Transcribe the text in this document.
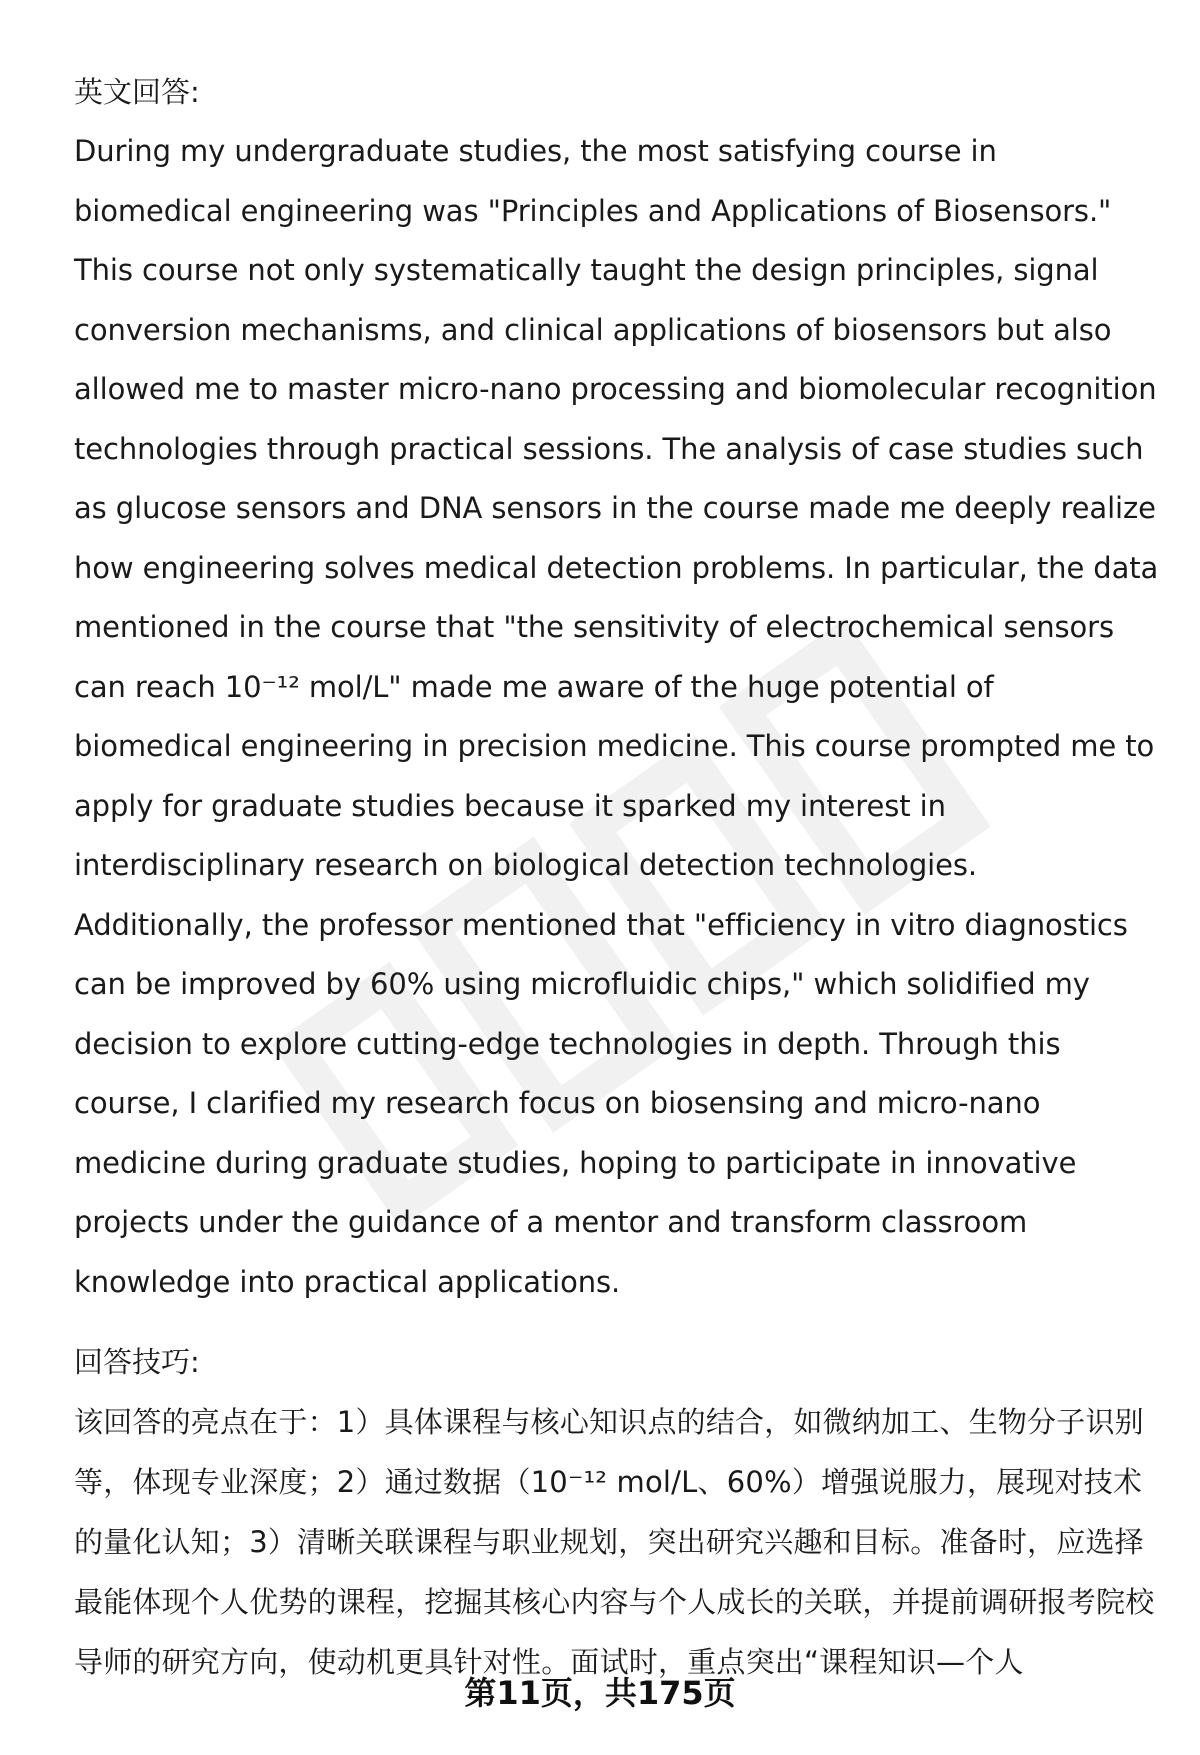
英文回答:

During my undergraduate studies, the most satisfying course in biomedical engineering was "Principles and Applications of Biosensors." This course not only systematically taught the design principles, signal conversion mechanisms, and clinical applications of biosensors but also allowed me to master micro-nano processing and biomolecular recognition technologies through practical sessions. The analysis of case studies such as glucose sensors and DNA sensors in the course made me deeply realize how engineering solves medical detection problems. In particular, the data mentioned in the course that "the sensitivity of electrochemical sensors can reach 10⁻¹² mol/L" made me aware of the huge potential of biomedical engineering in precision medicine. This course prompted me to apply for graduate studies because it sparked my interest in interdisciplinary research on biological detection technologies. Additionally, the professor mentioned that "efficiency in vitro diagnostics can be improved by 60% using microfluidic chips," which solidified my decision to explore cutting-edge technologies in depth. Through this course, I clarified my research focus on biosensing and micro-nano medicine during graduate studies, hoping to participate in innovative projects under the guidance of a mentor and transform classroom knowledge into practical applications.

回答技巧:

该回答的亮点在于：1）具体课程与核心知识点的结合，如微纳加工、生物分子识别等，体现专业深度；2）通过数据（10⁻¹² mol/L、60%）增强说服力，展现对技术的量化认知；3）清晰关联课程与职业规划，突出研究兴趣和目标。准备时，应选择最能体现个人优势的课程，挖掘其核心内容与个人成长的关联，并提前调研报考院校导师的研究方向，使动机更具针对性。面试时，重点突出“课程知识—个人

第11页，共175页
